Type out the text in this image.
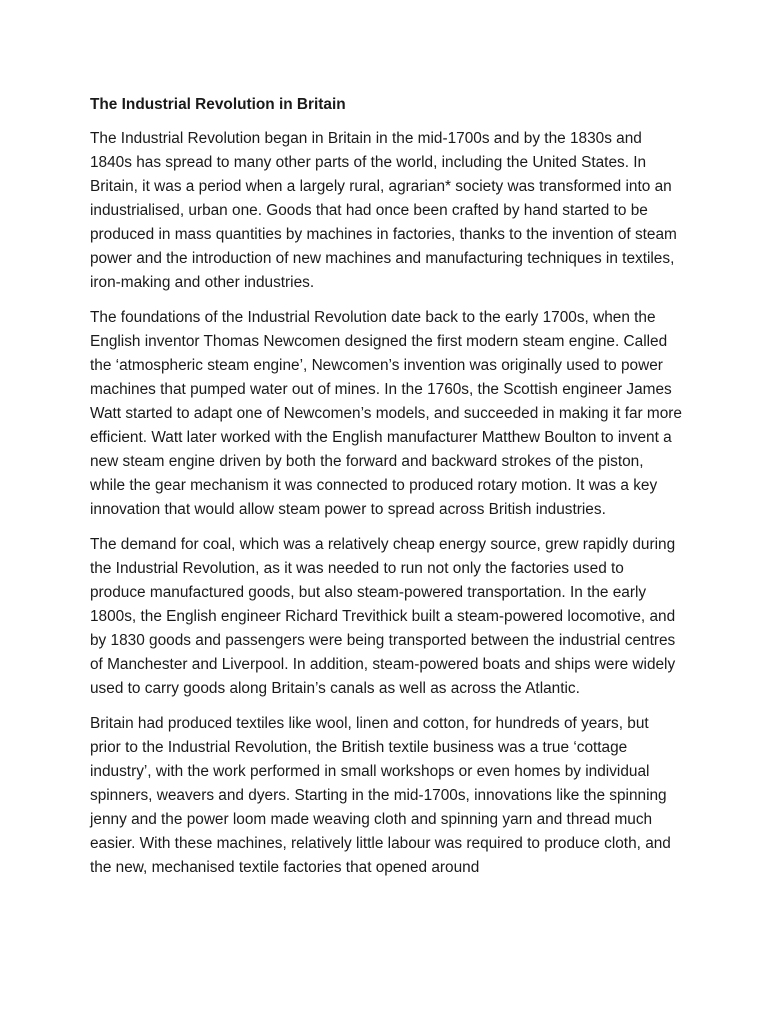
The Industrial Revolution in Britain

The Industrial Revolution began in Britain in the mid-1700s and by the 1830s and 1840s has spread to many other parts of the world, including the United States. In Britain, it was a period when a largely rural, agrarian* society was transformed into an industrialised, urban one. Goods that had once been crafted by hand started to be produced in mass quantities by machines in factories, thanks to the invention of steam power and the introduction of new machines and manufacturing techniques in textiles, iron-making and other industries.

The foundations of the Industrial Revolution date back to the early 1700s, when the English inventor Thomas Newcomen designed the first modern steam engine. Called the ‘atmospheric steam engine’, Newcomen’s invention was originally used to power machines that pumped water out of mines. In the 1760s, the Scottish engineer James Watt started to adapt one of Newcomen’s models, and succeeded in making it far more efficient. Watt later worked with the English manufacturer Matthew Boulton to invent a new steam engine driven by both the forward and backward strokes of the piston, while the gear mechanism it was connected to produced rotary motion. It was a key innovation that would allow steam power to spread across British industries.

The demand for coal, which was a relatively cheap energy source, grew rapidly during the Industrial Revolution, as it was needed to run not only the factories used to produce manufactured goods, but also steam-powered transportation. In the early 1800s, the English engineer Richard Trevithick built a steam-powered locomotive, and by 1830 goods and passengers were being transported between the industrial centres of Manchester and Liverpool. In addition, steam-powered boats and ships were widely used to carry goods along Britain’s canals as well as across the Atlantic.

Britain had produced textiles like wool, linen and cotton, for hundreds of years, but prior to the Industrial Revolution, the British textile business was a true ‘cottage industry’, with the work performed in small workshops or even homes by individual spinners, weavers and dyers. Starting in the mid-1700s, innovations like the spinning jenny and the power loom made weaving cloth and spinning yarn and thread much easier. With these machines, relatively little labour was required to produce cloth, and the new, mechanised textile factories that opened around
